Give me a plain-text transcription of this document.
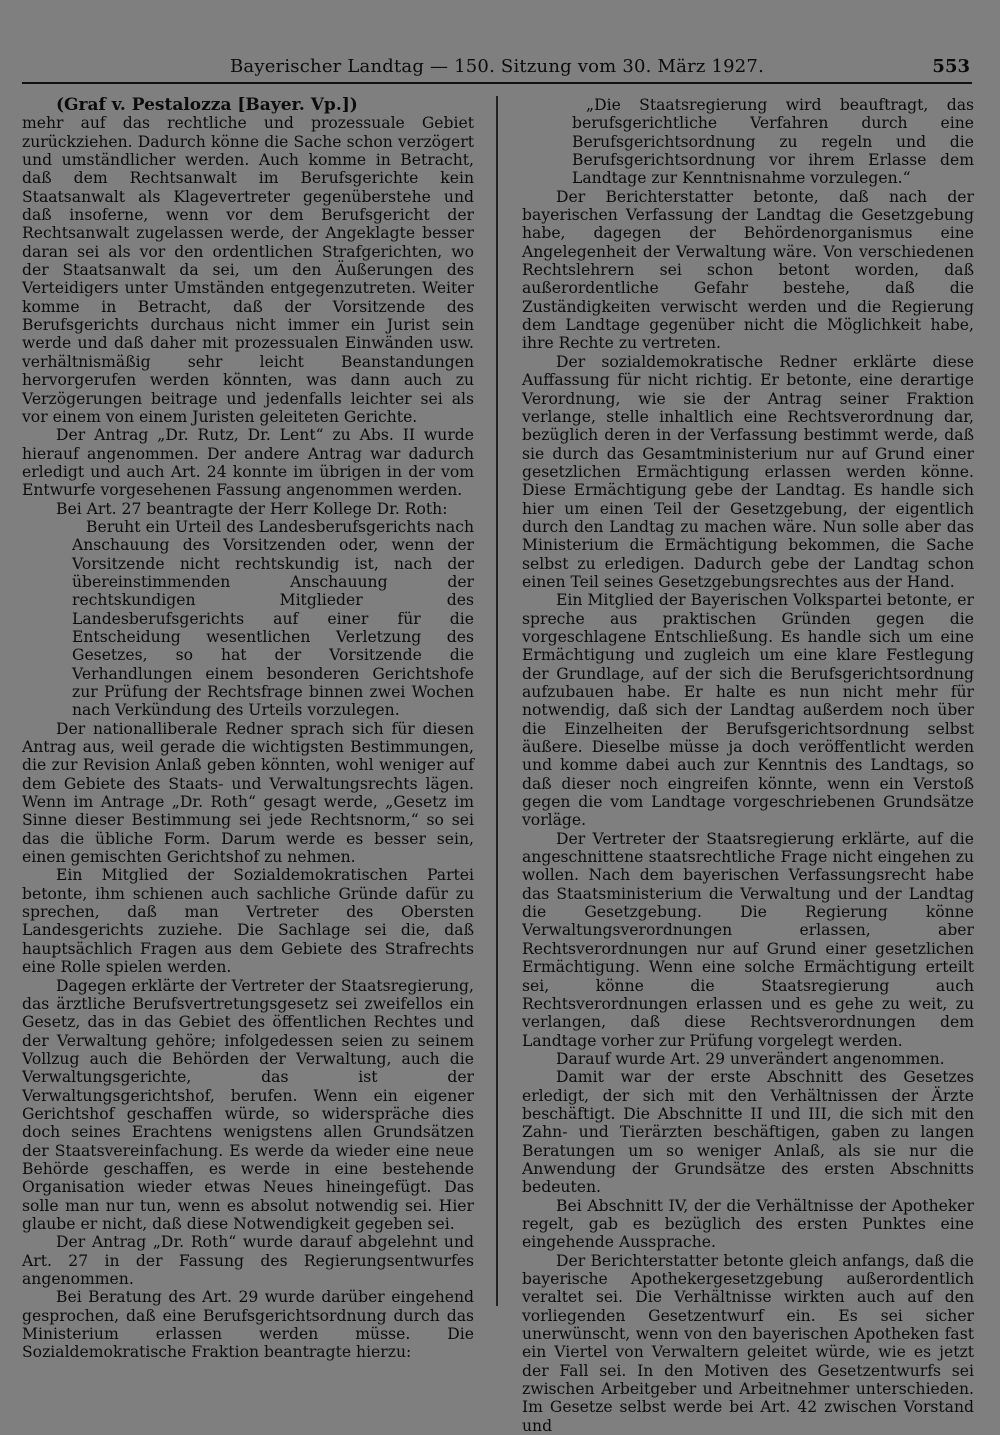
Bayerischer Landtag — 150. Sitzung vom 30. März 1927.	553

(Graf v. Pestalozza [Bayer. Vp.])

mehr auf das rechtliche und prozessuale Gebiet zurückziehen. Dadurch könne die Sache schon verzögert und umständlicher werden. Auch komme in Betracht, daß dem Rechtsanwalt im Berufsgerichte kein Staatsanwalt als Klagevertreter gegenüberstehe und daß insoferne, wenn vor dem Berufsgericht der Rechtsanwalt zugelassen werde, der Angeklagte besser daran sei als vor den ordentlichen Strafgerichten, wo der Staatsanwalt da sei, um den Äußerungen des Verteidigers unter Umständen entgegenzutreten. Weiter komme in Betracht, daß der Vorsitzende des Berufsgerichts durchaus nicht immer ein Jurist sein werde und daß daher mit prozessualen Einwänden usw. verhältnismäßig sehr leicht Beanstandungen hervorgerufen werden könnten, was dann auch zu Verzögerungen beitrage und jedenfalls leichter sei als vor einem von einem Juristen geleiteten Gerichte.

Der Antrag „Dr. Rutz, Dr. Lent“ zu Abs. II wurde hierauf angenommen. Der andere Antrag war dadurch erledigt und auch Art. 24 konnte im übrigen in der vom Entwurfe vorgesehenen Fassung angenommen werden.

Bei Art. 27 beantragte der Herr Kollege Dr. Roth:

Beruht ein Urteil des Landesberufsgerichts nach Anschauung des Vorsitzenden oder, wenn der Vorsitzende nicht rechtskundig ist, nach der übereinstimmenden Anschauung der rechtskundigen Mitglieder des Landesberufsgerichts auf einer für die Entscheidung wesentlichen Verletzung des Gesetzes, so hat der Vorsitzende die Verhandlungen einem besonderen Gerichtshofe zur Prüfung der Rechtsfrage binnen zwei Wochen nach Verkündung des Urteils vorzulegen.

Der nationalliberale Redner sprach sich für diesen Antrag aus, weil gerade die wichtigsten Bestimmungen, die zur Revision Anlaß geben könnten, wohl weniger auf dem Gebiete des Staats- und Verwaltungsrechts lägen. Wenn im Antrage „Dr. Roth“ gesagt werde, „Gesetz im Sinne dieser Bestimmung sei jede Rechtsnorm,“ so sei das die übliche Form. Darum werde es besser sein, einen gemischten Gerichtshof zu nehmen.

Ein Mitglied der Sozialdemokratischen Partei betonte, ihm schienen auch sachliche Gründe dafür zu sprechen, daß man Vertreter des Obersten Landesgerichts zuziehe. Die Sachlage sei die, daß hauptsächlich Fragen aus dem Gebiete des Strafrechts eine Rolle spielen werden.

Dagegen erklärte der Vertreter der Staatsregierung, das ärztliche Berufsvertretungsgesetz sei zweifellos ein Gesetz, das in das Gebiet des öffentlichen Rechtes und der Verwaltung gehöre; infolgedessen seien zu seinem Vollzug auch die Behörden der Verwaltung, auch die Verwaltungsgerichte, das ist der Verwaltungsgerichtshof, berufen. Wenn ein eigener Gerichtshof geschaffen würde, so widerspräche dies doch seines Erachtens wenigstens allen Grundsätzen der Staatsvereinfachung. Es werde da wieder eine neue Behörde geschaffen, es werde in eine bestehende Organisation wieder etwas Neues hineingefügt. Das solle man nur tun, wenn es absolut notwendig sei. Hier glaube er nicht, daß diese Notwendigkeit gegeben sei.

Der Antrag „Dr. Roth“ wurde darauf abgelehnt und Art. 27 in der Fassung des Regierungsentwurfes angenommen.

Bei Beratung des Art. 29 wurde darüber eingehend gesprochen, daß eine Berufsgerichtsordnung durch das Ministerium erlassen werden müsse. Die Sozialdemokratische Fraktion beantragte hierzu:

„Die Staatsregierung wird beauftragt, das berufsgerichtliche Verfahren durch eine Berufsgerichtsordnung zu regeln und die Berufsgerichtsordnung vor ihrem Erlasse dem Landtage zur Kenntnisnahme vorzulegen.“

Der Berichterstatter betonte, daß nach der bayerischen Verfassung der Landtag die Gesetzgebung habe, dagegen der Behördenorganismus eine Angelegenheit der Verwaltung wäre. Von verschiedenen Rechtslehrern sei schon betont worden, daß außerordentliche Gefahr bestehe, daß die Zuständigkeiten verwischt werden und die Regierung dem Landtage gegenüber nicht die Möglichkeit habe, ihre Rechte zu vertreten.

Der sozialdemokratische Redner erklärte diese Auffassung für nicht richtig. Er betonte, eine derartige Verordnung, wie sie der Antrag seiner Fraktion verlange, stelle inhaltlich eine Rechtsverordnung dar, bezüglich deren in der Verfassung bestimmt werde, daß sie durch das Gesamtministerium nur auf Grund einer gesetzlichen Ermächtigung erlassen werden könne. Diese Ermächtigung gebe der Landtag. Es handle sich hier um einen Teil der Gesetzgebung, der eigentlich durch den Landtag zu machen wäre. Nun solle aber das Ministerium die Ermächtigung bekommen, die Sache selbst zu erledigen. Dadurch gebe der Landtag schon einen Teil seines Gesetzgebungsrechtes aus der Hand.

Ein Mitglied der Bayerischen Volkspartei betonte, er spreche aus praktischen Gründen gegen die vorgeschlagene Entschließung. Es handle sich um eine Ermächtigung und zugleich um eine klare Festlegung der Grundlage, auf der sich die Berufsgerichtsordnung aufzubauen habe. Er halte es nun nicht mehr für notwendig, daß sich der Landtag außerdem noch über die Einzelheiten der Berufsgerichtsordnung selbst äußere. Dieselbe müsse ja doch veröffentlicht werden und komme dabei auch zur Kenntnis des Landtags, so daß dieser noch eingreifen könnte, wenn ein Verstoß gegen die vom Landtage vorgeschriebenen Grundsätze vorläge.

Der Vertreter der Staatsregierung erklärte, auf die angeschnittene staatsrechtliche Frage nicht eingehen zu wollen. Nach dem bayerischen Verfassungsrecht habe das Staatsministerium die Verwaltung und der Landtag die Gesetzgebung. Die Regierung könne Verwaltungsverordnungen erlassen, aber Rechtsverordnungen nur auf Grund einer gesetzlichen Ermächtigung. Wenn eine solche Ermächtigung erteilt sei, könne die Staatsregierung auch Rechtsverordnungen erlassen und es gehe zu weit, zu verlangen, daß diese Rechtsverordnungen dem Landtage vorher zur Prüfung vorgelegt werden.

Darauf wurde Art. 29 unverändert angenommen.

Damit war der erste Abschnitt des Gesetzes erledigt, der sich mit den Verhältnissen der Ärzte beschäftigt. Die Abschnitte II und III, die sich mit den Zahn- und Tierärzten beschäftigen, gaben zu langen Beratungen um so weniger Anlaß, als sie nur die Anwendung der Grundsätze des ersten Abschnitts bedeuten.

Bei Abschnitt IV, der die Verhältnisse der Apotheker regelt, gab es bezüglich des ersten Punktes eine eingehende Aussprache.

Der Berichterstatter betonte gleich anfangs, daß die bayerische Apothekergesetzgebung außerordentlich veraltet sei. Die Verhältnisse wirkten auch auf den vorliegenden Gesetzentwurf ein. Es sei sicher unerwünscht, wenn von den bayerischen Apotheken fast ein Viertel von Verwaltern geleitet würde, wie es jetzt der Fall sei. In den Motiven des Gesetzentwurfs sei zwischen Arbeitgeber und Arbeitnehmer unterschieden. Im Gesetze selbst werde bei Art. 42 zwischen Vorstand und
